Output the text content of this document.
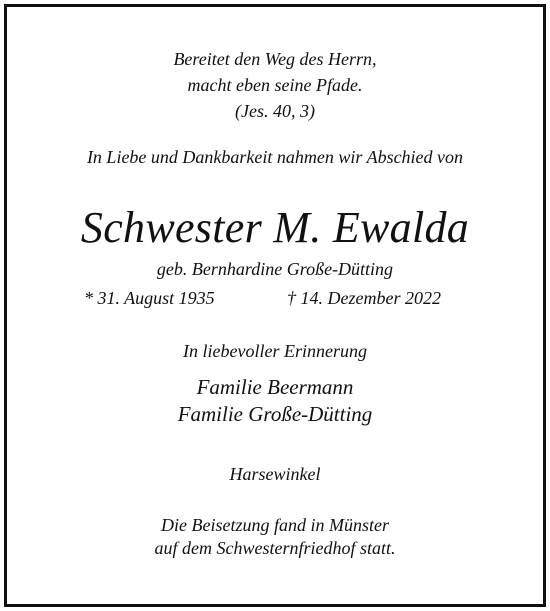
Bereitet den Weg des Herrn,
macht eben seine Pfade.
(Jes. 40, 3)
In Liebe und Dankbarkeit nahmen wir Abschied von
Schwester M. Ewalda
geb. Bernhardine Große-Dütting
* 31. August 1935	† 14. Dezember 2022
In liebevoller Erinnerung
Familie Beermann
Familie Große-Dütting
Harsewinkel
Die Beisetzung fand in Münster
auf dem Schwesternfriedhof statt.
